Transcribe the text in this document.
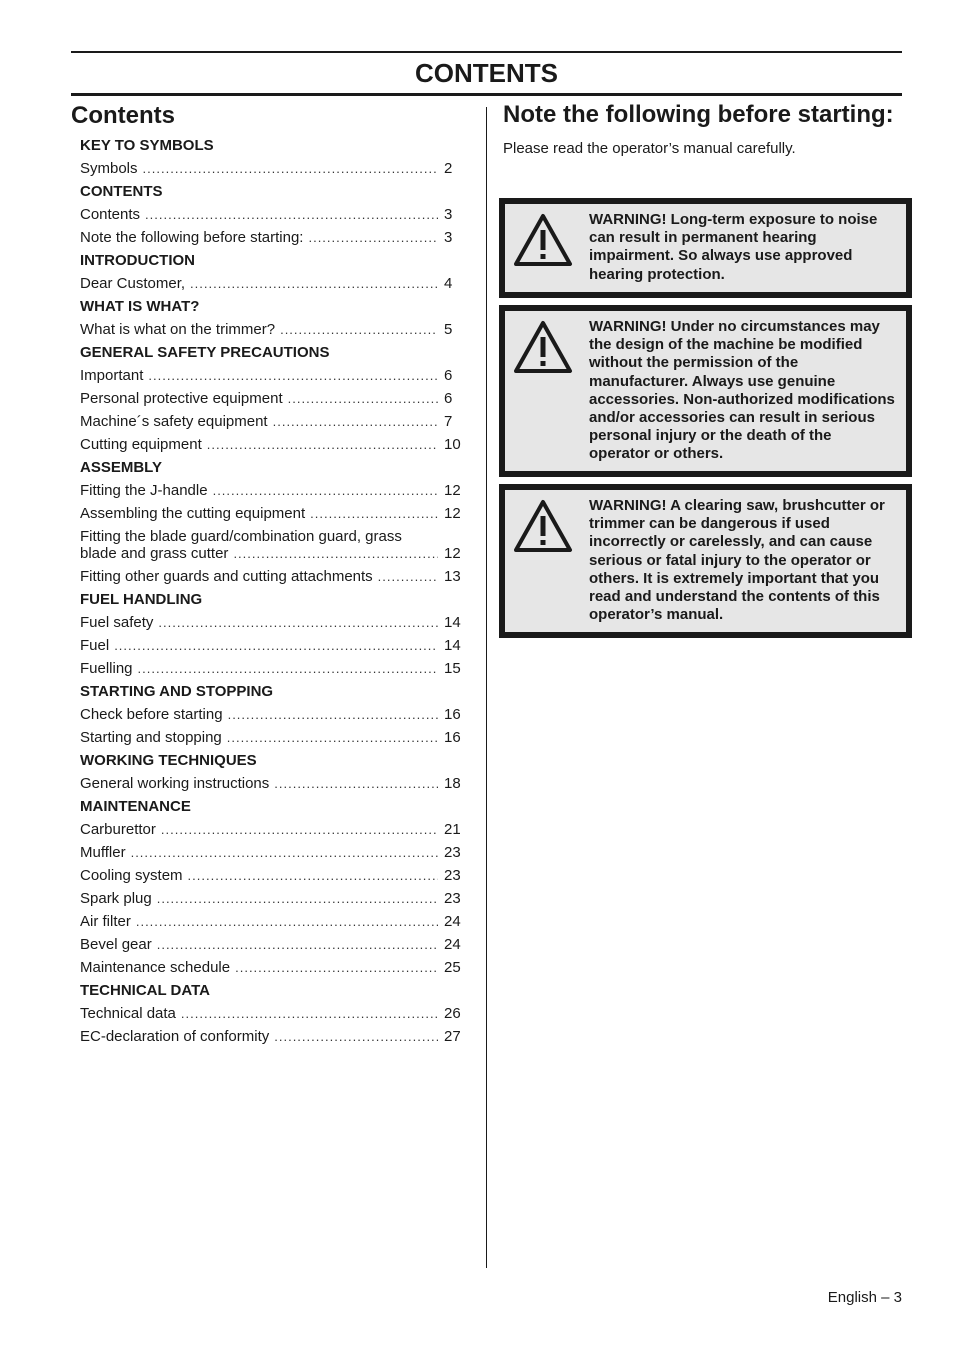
CONTENTS
Contents
KEY TO SYMBOLS
Symbols .....	2
CONTENTS
Contents .....	3
Note the following before starting: .....	3
INTRODUCTION
Dear Customer, .....	4
WHAT IS WHAT?
What is what on the trimmer? .....	5
GENERAL SAFETY PRECAUTIONS
Important .....	6
Personal protective equipment .....	6
Machine´s safety equipment .....	7
Cutting equipment .....	10
ASSEMBLY
Fitting the J-handle .....	12
Assembling the cutting equipment .....	12
Fitting the blade guard/combination guard, grass
blade and grass cutter .....	12
Fitting other guards and cutting attachments .....	13
FUEL HANDLING
Fuel safety .....	14
Fuel .....	14
Fuelling .....	15
STARTING AND STOPPING
Check before starting .....	16
Starting and stopping .....	16
WORKING TECHNIQUES
General working instructions .....	18
MAINTENANCE
Carburettor .....	21
Muffler .....	23
Cooling system .....	23
Spark plug .....	23
Air filter .....	24
Bevel gear .....	24
Maintenance schedule .....	25
TECHNICAL DATA
Technical data .....	26
EC-declaration of conformity .....	27
Note the following before starting:

Please read the operator’s manual carefully.

WARNING! Long-term exposure to noise can result in permanent hearing impairment. So always use approved hearing protection.
WARNING! Under no circumstances may the design of the machine be modified without the permission of the manufacturer. Always use genuine accessories. Non-authorized modifications and/or accessories can result in serious personal injury or the death of the operator or others.
WARNING! A clearing saw, brushcutter or trimmer can be dangerous if used incorrectly or carelessly, and can cause serious or fatal injury to the operator or others. It is extremely important that you read and understand the contents of this operator’s manual.
English – 3
